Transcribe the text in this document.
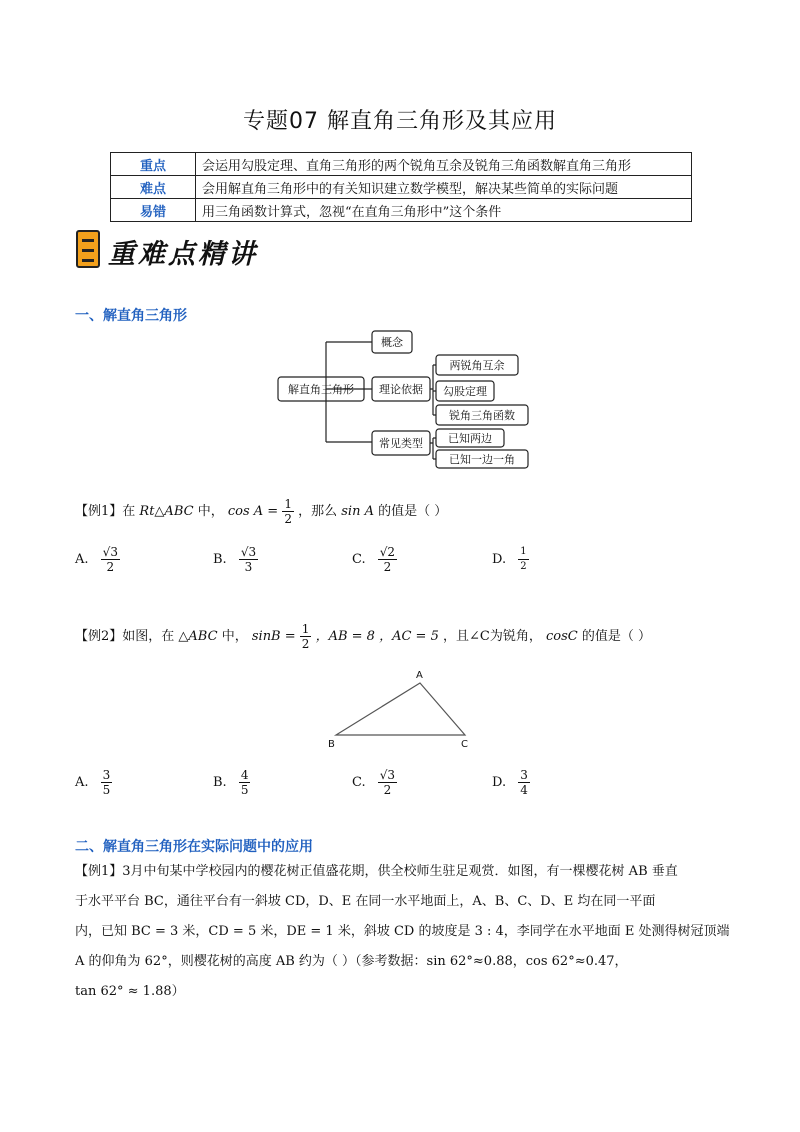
专题07 解直角三角形及其应用
重点	会运用勾股定理、直角三角形的两个锐角互余及锐角三角函数解直角三角形
难点	会用解直角三角形中的有关知识建立数学模型，解决某些简单的实际问题
易错	用三角函数计算式，忽视“在直角三角形中”这个条件
重难点精讲
一、解直角三角形
解直角三角形
概念
理论依据
常见类型
两锐角互余
勾股定理
锐角三角函数
已知两边
已知一边一角
【例1】在 Rt△ABC 中， $\cos A = \frac{1}{2}$ ，那么 sin A 的值是（ ）
A. $\frac{√3}{2}$	B. $\frac{√3}{3}$	C. $\frac{√2}{2}$	D. $\frac{1}{2}$
【例2】如图，在 △ABC 中， $\sin B = \frac{1}{2}$ ，AB = 8 ，AC = 5 ，且∠C为锐角， cosC 的值是（ ）
A
B	C
A. $\frac{3}{5}$	B. $\frac{4}{5}$	C. $\frac{√3}{2}$	D. $\frac{3}{4}$
二、解直角三角形在实际问题中的应用
【例1】3月中旬某中学校园内的樱花树正值盛花期，供全校师生驻足观赏．如图，有一棵樱花树 AB 垂直
于水平平台 BC，通往平台有一斜坡 CD，D、E 在同一水平地面上，A、B、C、D、E 均在同一平面
内，已知 BC = 3 米，CD = 5 米，DE = 1 米，斜坡 CD 的坡度是 3 : 4，李同学在水平地面 E 处测得树冠顶端
A 的仰角为 62°，则樱花树的高度 AB 约为（ ）（参考数据：sin 62°≈0.88，cos 62°≈0.47，
tan 62° ≈ 1.88）
